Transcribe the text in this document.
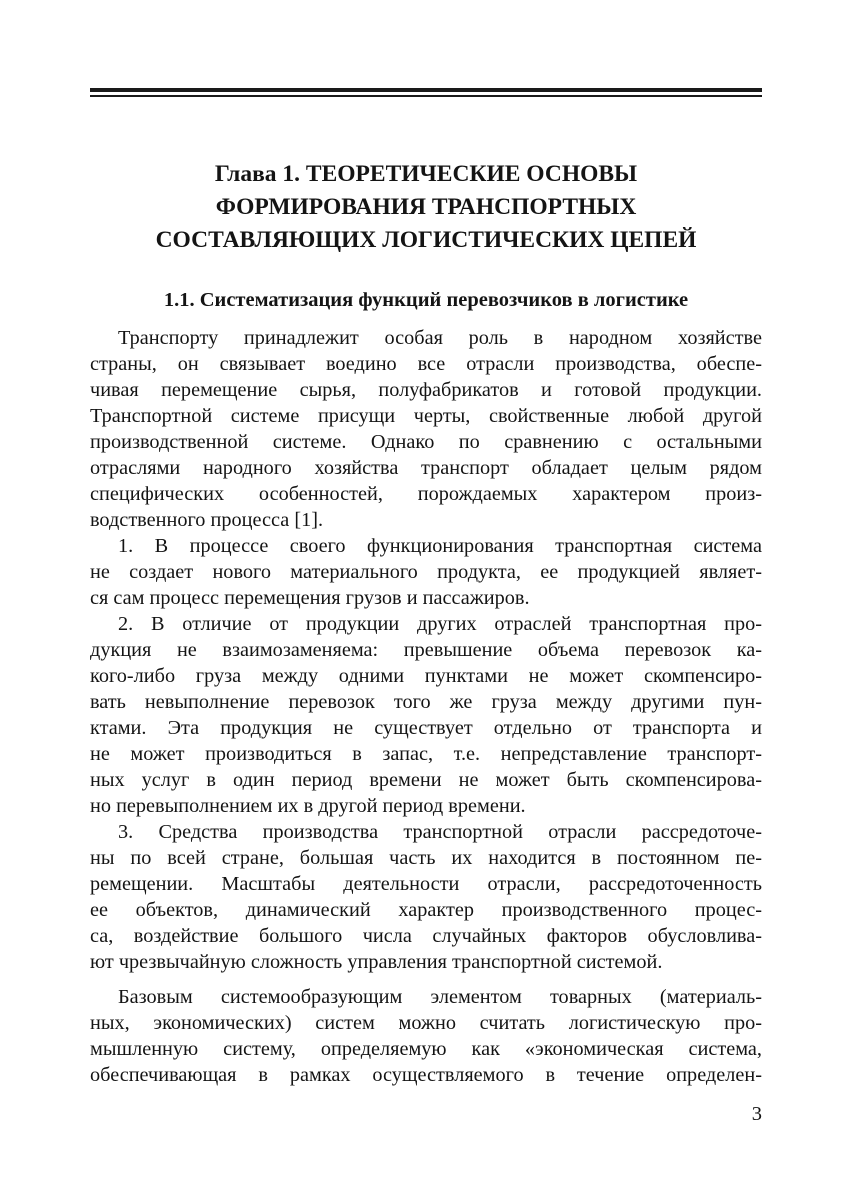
Глава 1. ТЕОРЕТИЧЕСКИЕ ОСНОВЫ
ФОРМИРОВАНИЯ ТРАНСПОРТНЫХ
СОСТАВЛЯЮЩИХ ЛОГИСТИЧЕСКИХ ЦЕПЕЙ
1.1. Систематизация функций перевозчиков в логистике

Транспорту принадлежит особая роль в народном хозяйстве
страны, он связывает воедино все отрасли производства, обеспе-
чивая перемещение сырья, полуфабрикатов и готовой продукции.
Транспортной системе присущи черты, свойственные любой другой
производственной системе. Однако по сравнению с остальными
отраслями народного хозяйства транспорт обладает целым рядом
специфических особенностей, порождаемых характером произ-
водственного процесса [1].

1. В процессе своего функционирования транспортная система
не создает нового материального продукта, ее продукцией являет-
ся сам процесс перемещения грузов и пассажиров.

2. В отличие от продукции других отраслей транспортная про-
дукция не взаимозаменяема: превышение объема перевозок ка-
кого-либо груза между одними пунктами не может скомпенсиро-
вать невыполнение перевозок того же груза между другими пун-
ктами. Эта продукция не существует отдельно от транспорта и
не может производиться в запас, т.е. непредставление транспорт-
ных услуг в один период времени не может быть скомпенсирова-
но перевыполнением их в другой период времени.

3. Средства производства транспортной отрасли рассредоточе-
ны по всей стране, большая часть их находится в постоянном пе-
ремещении. Масштабы деятельности отрасли, рассредоточенность
ее объектов, динамический характер производственного процес-
са, воздействие большого числа случайных факторов обусловлива-
ют чрезвычайную сложность управления транспортной системой.

Базовым системообразующим элементом товарных (материаль-
ных, экономических) систем можно считать логистическую про-
мышленную систему, определяемую как «экономическая система,
обеспечивающая в рамках осуществляемого в течение определен-

3
